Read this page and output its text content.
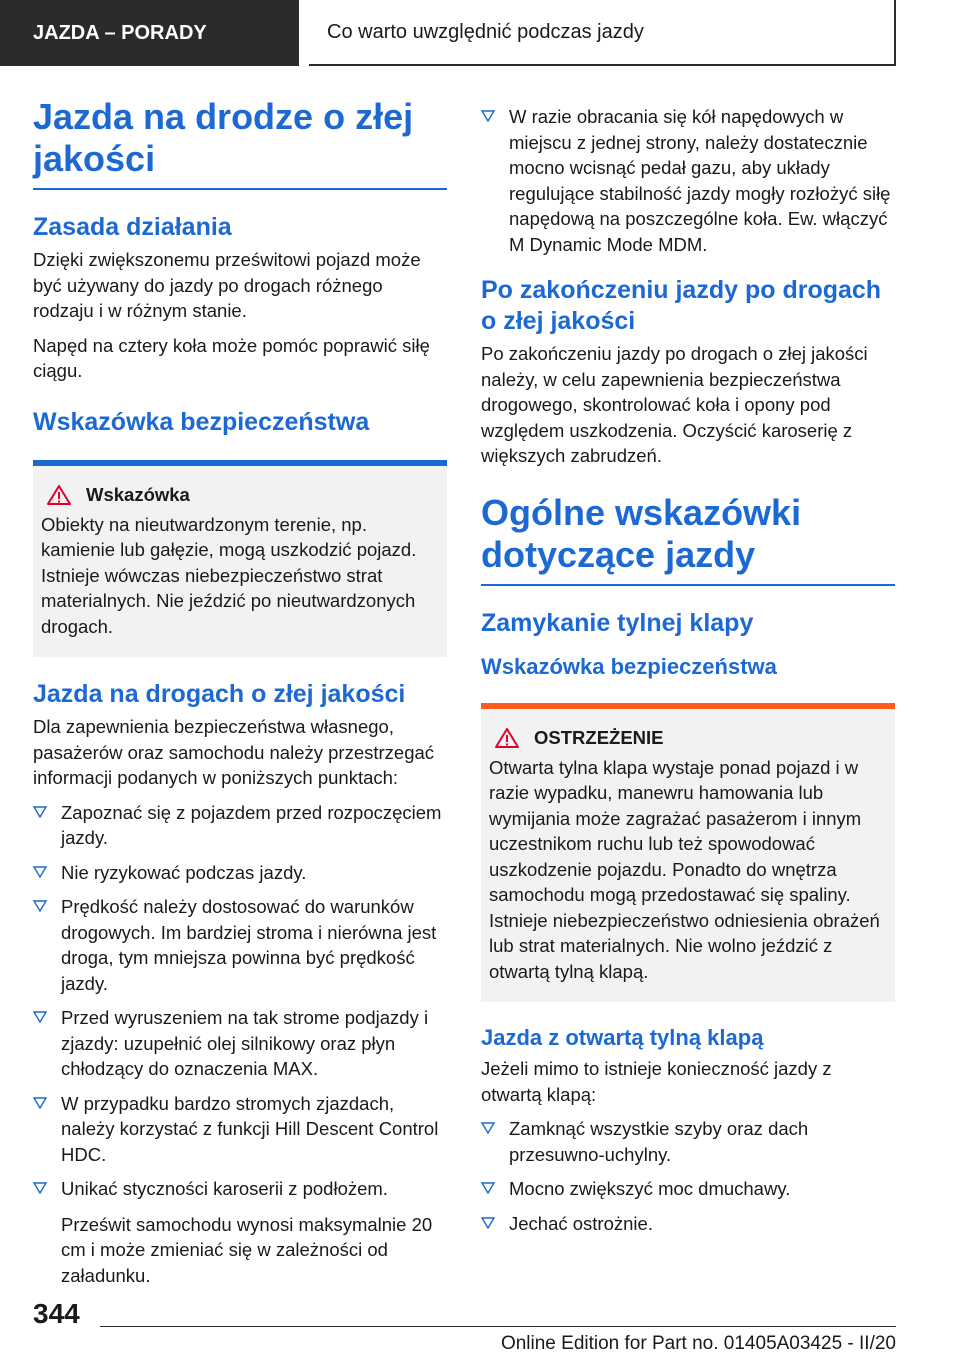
JAZDA – PORADY	Co warto uwzględnić podczas jazdy
Jazda na drodze o złej jakości
Zasada działania

Dzięki zwiększonemu prześwitowi pojazd może być używany do jazdy po drogach różnego rodzaju i w różnym stanie.

Napęd na cztery koła może pomóc poprawić siłę ciągu.

Wskazówka bezpieczeństwa
Wskazówka

Obiekty na nieutwardzonym terenie, np. kamienie lub gałęzie, mogą uszkodzić pojazd. Istnieje wówczas niebezpieczeństwo strat materialnych. Nie jeździć po nieutwardzonych drogach.

Jazda na drogach o złej jakości

Dla zapewnienia bezpieczeństwa własnego, pasażerów oraz samochodu należy przestrzegać informacji podanych w poniższych punktach:

Zapoznać się z pojazdem przed rozpoczęciem jazdy.
Nie ryzykować podczas jazdy.
Prędkość należy dostosować do warunków drogowych. Im bardziej stroma i nierówna jest droga, tym mniejsza powinna być prędkość jazdy.
Przed wyruszeniem na tak strome podjazdy i zjazdy: uzupełnić olej silnikowy oraz płyn chłodzący do oznaczenia MAX.
W przypadku bardzo stromych zjazdach, należy korzystać z funkcji Hill Descent Control HDC.
Unikać styczności karoserii z podłożem.

Prześwit samochodu wynosi maksymalnie 20 cm i może zmieniać się w zależności od załadunku.

W razie obracania się kół napędowych w miejscu z jednej strony, należy dostatecznie mocno wcisnąć pedał gazu, aby układy regulujące stabilność jazdy mogły rozłożyć siłę napędową na poszczególne koła. Ew. włączyć M Dynamic Mode MDM.
Po zakończeniu jazdy po drogach o złej jakości

Po zakończeniu jazdy po drogach o złej jakości należy, w celu zapewnienia bezpieczeństwa drogowego, skontrolować koła i opony pod względem uszkodzenia. Oczyścić karoserię z większych zabrudzeń.

Ogólne wskazówki dotyczące jazdy
Zamykanie tylnej klapy
Wskazówka bezpieczeństwa
OSTRZEŻENIE

Otwarta tylna klapa wystaje ponad pojazd i w razie wypadku, manewru hamowania lub wymijania może zagrażać pasażerom i innym uczestnikom ruchu lub też spowodować uszkodzenie pojazdu. Ponadto do wnętrza samochodu mogą przedostawać się spaliny. Istnieje niebezpieczeństwo odniesienia obrażeń lub strat materialnych. Nie wolno jeździć z otwartą tylną klapą.

Jazda z otwartą tylną klapą

Jeżeli mimo to istnieje konieczność jazdy z otwartą klapą:

Zamknąć wszystkie szyby oraz dach przesuwno-uchylny.
Mocno zwiększyć moc dmuchawy.
Jechać ostrożnie.
344
Online Edition for Part no. 01405A03425 - II/20
